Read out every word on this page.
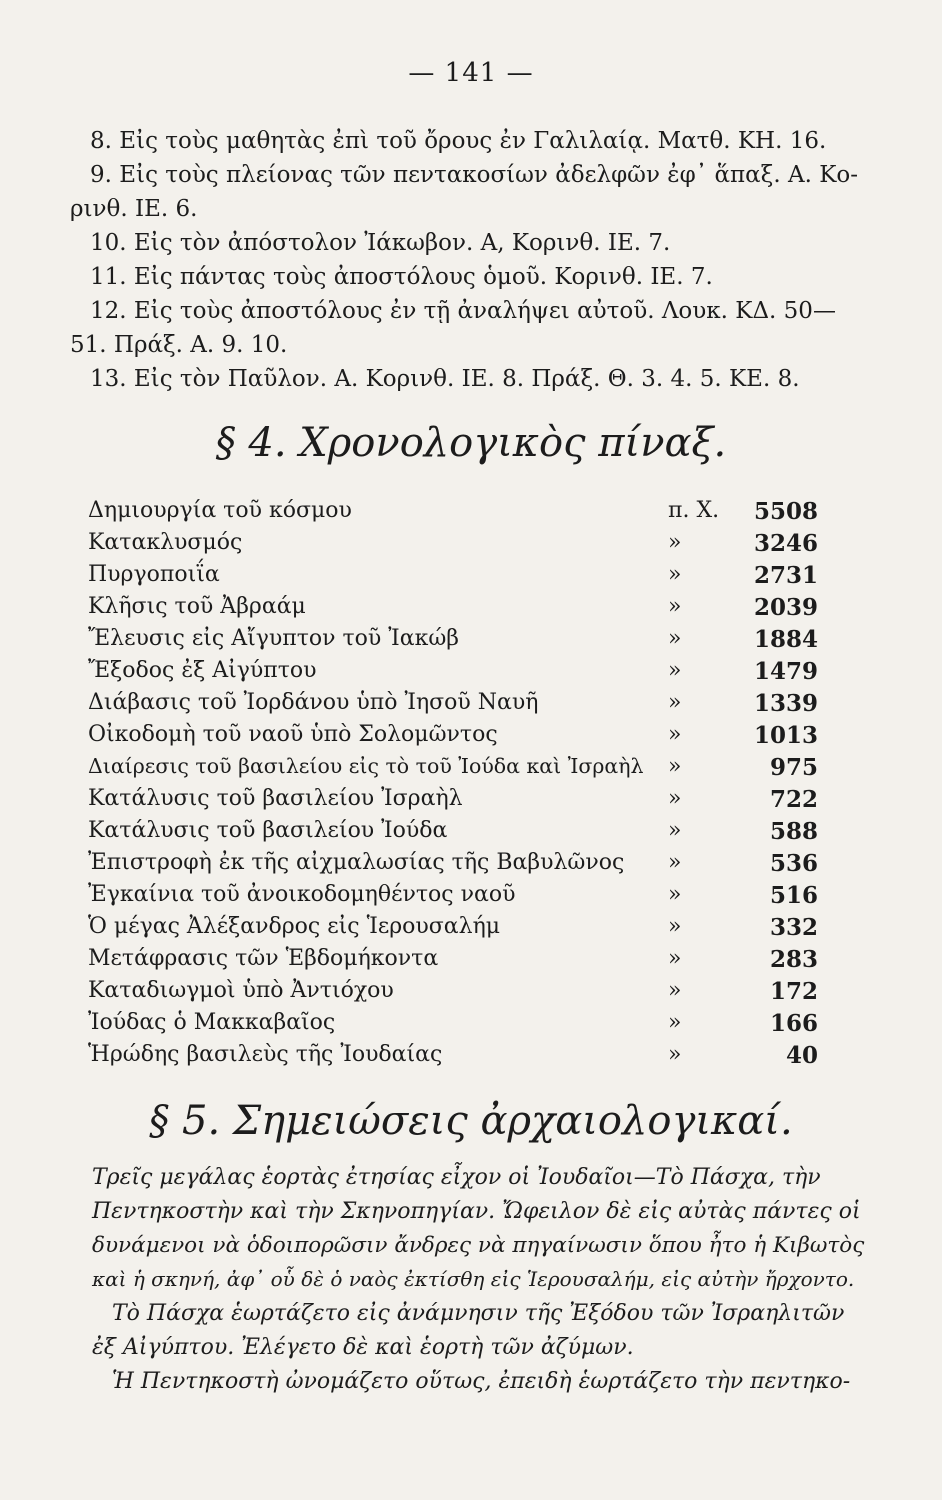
— 141 —
8. Εἰς τοὺς μαθητὰς ἐπὶ τοῦ ὄρους ἐν Γαλιλαίᾳ. Ματθ. ΚΗ. 16.
9. Εἰς τοὺς πλείονας τῶν πεντακοσίων ἀδελφῶν ἐφ᾽ ἅπαξ. Α. Κο-
ρινθ. ΙΕ. 6.
10. Εἰς τὸν ἀπόστολον Ἰάκωβον. Α, Κορινθ. ΙΕ. 7.
11. Εἰς πάντας τοὺς ἀποστόλους ὁμοῦ. Κορινθ. ΙΕ. 7.
12. Εἰς τοὺς ἀποστόλους ἐν τῇ ἀναλήψει αὐτοῦ. Λουκ. ΚΔ. 50—
51. Πράξ. Α. 9. 10.
13. Εἰς τὸν Παῦλον. Α. Κορινθ. ΙΕ. 8. Πράξ. Θ. 3. 4. 5. ΚΕ. 8.
§ 4. Χρονολογικὸς πίναξ.
Δημιουργία τοῦ κόσμου	π. Χ. 5508
Κατακλυσμός	»	3246
Πυργοποιΐα	»	2731
Κλῆσις τοῦ Ἀβραάμ	»	2039
Ἔλευσις εἰς Αἴγυπτον τοῦ Ἰακώβ	»	1884
Ἔξοδος ἐξ Αἰγύπτου	»	1479
Διάβασις τοῦ Ἰορδάνου ὑπὸ Ἰησοῦ Ναυῆ	»	1339
Οἰκοδομὴ τοῦ ναοῦ ὑπὸ Σολομῶντος	»	1013
Διαίρεσις τοῦ βασιλείου εἰς τὸ τοῦ Ἰούδα καὶ Ἰσραὴλ »	975
Κατάλυσις τοῦ βασιλείου Ἰσραὴλ	»	722
Κατάλυσις τοῦ βασιλείου Ἰούδα	»	588
Ἐπιστροφὴ ἐκ τῆς αἰχμαλωσίας τῆς Βαβυλῶνος »	536
Ἐγκαίνια τοῦ ἀνοικοδομηθέντος ναοῦ	»	516
Ὁ μέγας Ἀλέξανδρος εἰς Ἱερουσαλήμ	»	332
Μετάφρασις τῶν Ἑβδομήκοντα	»	283
Καταδιωγμοὶ ὑπὸ Ἀντιόχου	»	172
Ἰούδας ὁ Μακκαβαῖος	»	166
Ἡρώδης βασιλεὺς τῆς Ἰουδαίας	»	40
§ 5. Σημειώσεις ἀρχαιολογικαί.
Τρεῖς μεγάλας ἑορτὰς ἐτησίας εἶχον οἱ Ἰουδαῖοι—Τὸ Πάσχα, τὴν
Πεντηκοστὴν καὶ τὴν Σκηνοπηγίαν. Ὤφειλον δὲ εἰς αὐτὰς πάντες οἱ
δυνάμενοι νὰ ὁδοιπορῶσιν ἄνδρες νὰ πηγαίνωσιν ὅπου ἦτο ἡ Κιβωτὸς
καὶ ἡ σκηνή, ἀφ᾽ οὗ δὲ ὁ ναὸς ἐκτίσθη εἰς Ἱερουσαλήμ, εἰς αὐτὴν ἤρχοντο.
Τὸ Πάσχα ἑωρτάζετο εἰς ἀνάμνησιν τῆς Ἐξόδου τῶν Ἰσραηλιτῶν
ἐξ Αἰγύπτου. Ἐλέγετο δὲ καὶ ἑορτὴ τῶν ἀζύμων.
Ἡ Πεντηκοστὴ ὠνομάζετο οὕτως, ἐπειδὴ ἑωρτάζετο τὴν πεντηκο-
